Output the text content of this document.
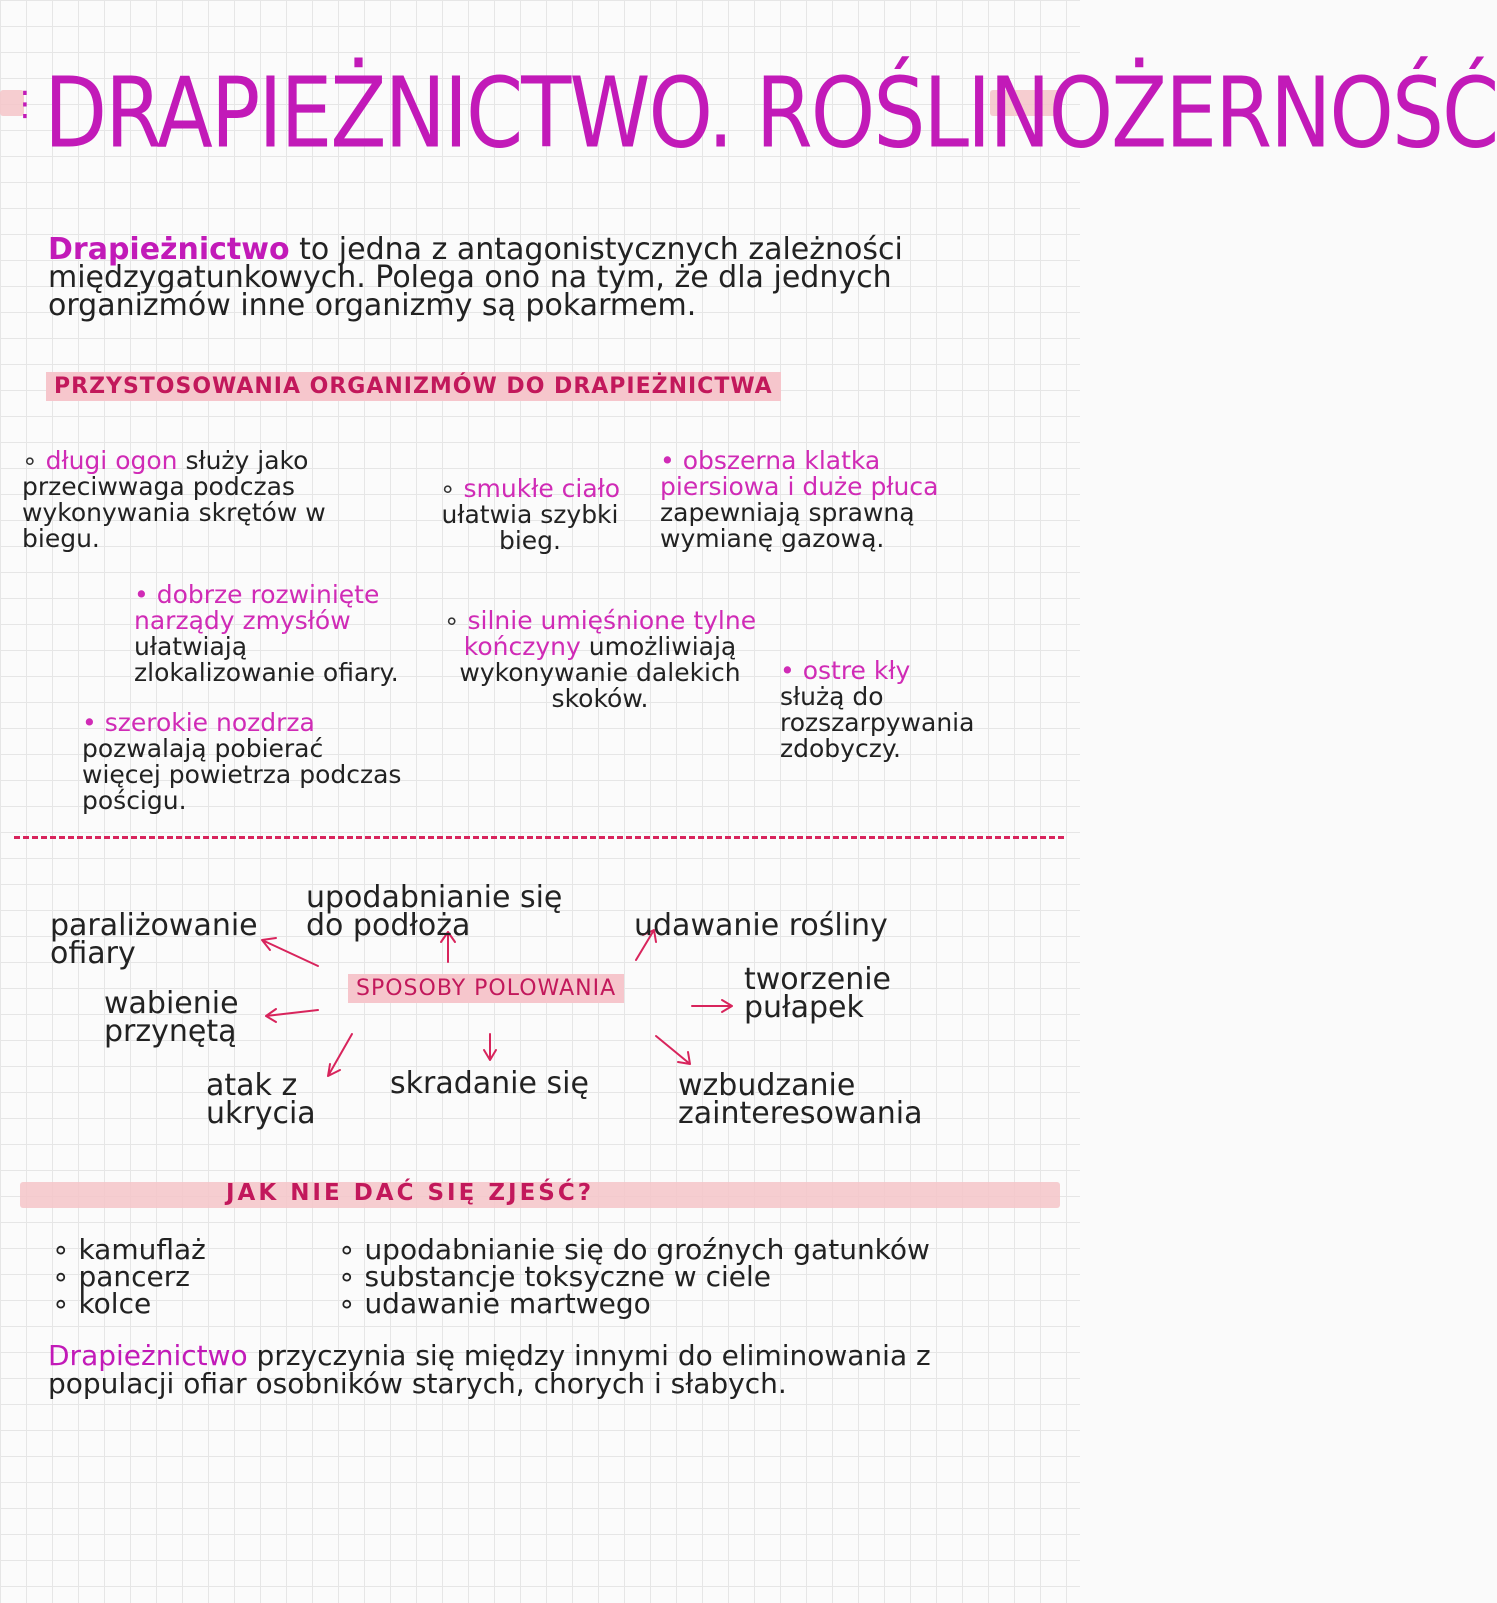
⋮ DRAPIEŻNICTWO. ROŚLINOŻERNOŚĆ
Drapieżnictwo to jedna z antagonistycznych zależności międzygatunkowych. Polega ono na tym, że dla jednych organizmów inne organizmy są pokarmem.
PRZYSTOSOWANIA ORGANIZMÓW DO DRAPIEŻNICTWA
∘ długi ogon służy jako przeciwwaga podczas wykonywania skrętów w biegu.
∘ smukłe ciało ułatwia szybki bieg.
• obszerna klatka piersiowa i duże płuca zapewniają sprawną wymianę gazową.
• dobrze rozwinięte narządy zmysłów ułatwiają zlokalizowanie ofiary.
∘ silnie umięśnione tylne kończyny umożliwiają wykonywanie dalekich skoków.
• ostre kły służą do rozszarpywania zdobyczy.
• szerokie nozdrza pozwalają pobierać więcej powietrza podczas pościgu.
SPOSOBY POLOWANIA
paraliżowanie ofiary
upodabnianie się do podłoża	udawanie rośliny
wabienie przynętą
tworzenie pułapek
atak z ukrycia
skradanie się	wzbudzanie zainteresowania
JAK NIE DAĆ SIĘ ZJEŚĆ?
∘ kamuflaż
∘ pancerz
∘ kolce
∘ upodabnianie się do groźnych gatunków
∘ substancje toksyczne w ciele
∘ udawanie martwego
Drapieżnictwo przyczynia się między innymi do eliminowania z populacji ofiar osobników starych, chorych i słabych.
